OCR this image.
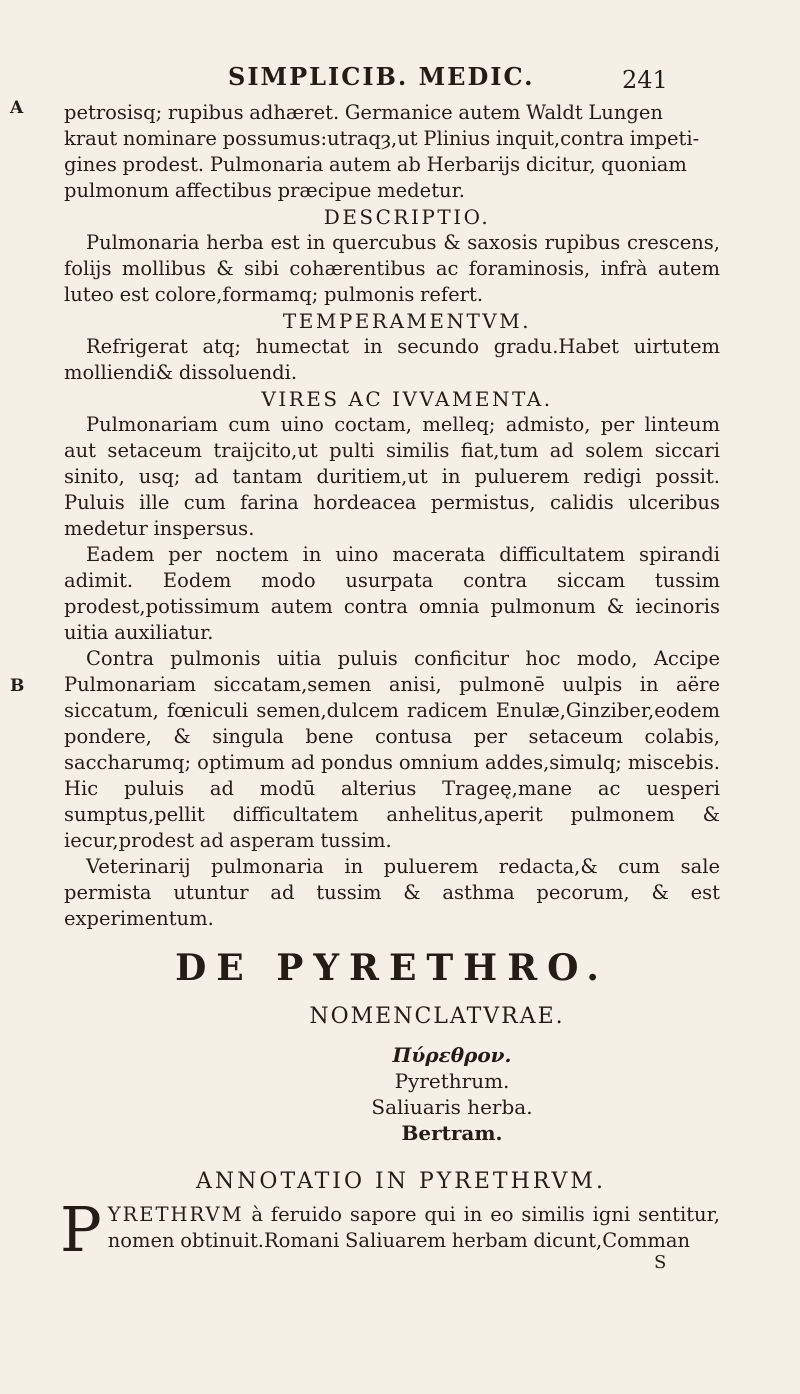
SIMPLICIB. MEDIC.	241
A
B

petrosisq; rupibus adhæret. Germanice autem Waldt Lungen

kraut nominare possumus:utraqȝ,ut Plinius inquit,contra impeti-

gines prodest. Pulmonaria autem ab Herbarijs dicitur, quoniam

pulmonum affectibus præcipue medetur.

DESCRIPTIO.

Pulmonaria herba est in quercubus & saxosis rupibus crescens, folijs mollibus & sibi cohærentibus ac foraminosis, infrà autem luteo est colore,formamq; pulmonis refert.

TEMPERAMENTVM.

Refrigerat atq; humectat in secundo gradu.Habet uirtutem molliendi& dissoluendi.

VIRES AC IVVAMENTA.

Pulmonariam cum uino coctam, melleq; admisto, per linteum aut setaceum traijcito,ut pulti similis fiat,tum ad solem siccari sinito, usq; ad tantam duritiem,ut in puluerem redigi possit. Puluis ille cum farina hordeacea permistus, calidis ulceribus medetur inspersus.

Eadem per noctem in uino macerata difficultatem spirandi adimit. Eodem modo usurpata contra siccam tussim prodest,potissimum autem contra omnia pulmonum & iecinoris uitia auxiliatur.

Contra pulmonis uitia puluis conficitur hoc modo, Accipe Pulmonariam siccatam,semen anisi, pulmonē uulpis in aëre siccatum, fœniculi semen,dulcem radicem Enulæ,Ginziber,eodem pondere, & singula bene contusa per setaceum colabis, saccharumq; optimum ad pondus omnium addes,simulq; miscebis. Hic puluis ad modū alterius Trageę,mane ac uesperi sumptus,pellit difficultatem anhelitus,aperit pulmonem & iecur,prodest ad asperam tussim.

Veterinarij pulmonaria in puluerem redacta,& cum sale permista utuntur ad tussim & asthma pecorum, & est experimentum.

DE PYRETHRO.

NOMENCLATVRAE.

Πύρεθρον.
Pyrethrum.
Saliuaris herba.
Bertram.

ANNOTATIO IN PYRETHRVM.

PYRETHRVM à feruido sapore qui in eo similis igni sentitur, nomen obtinuit.Romani Saliuarem herbam dicunt,Comman

S
